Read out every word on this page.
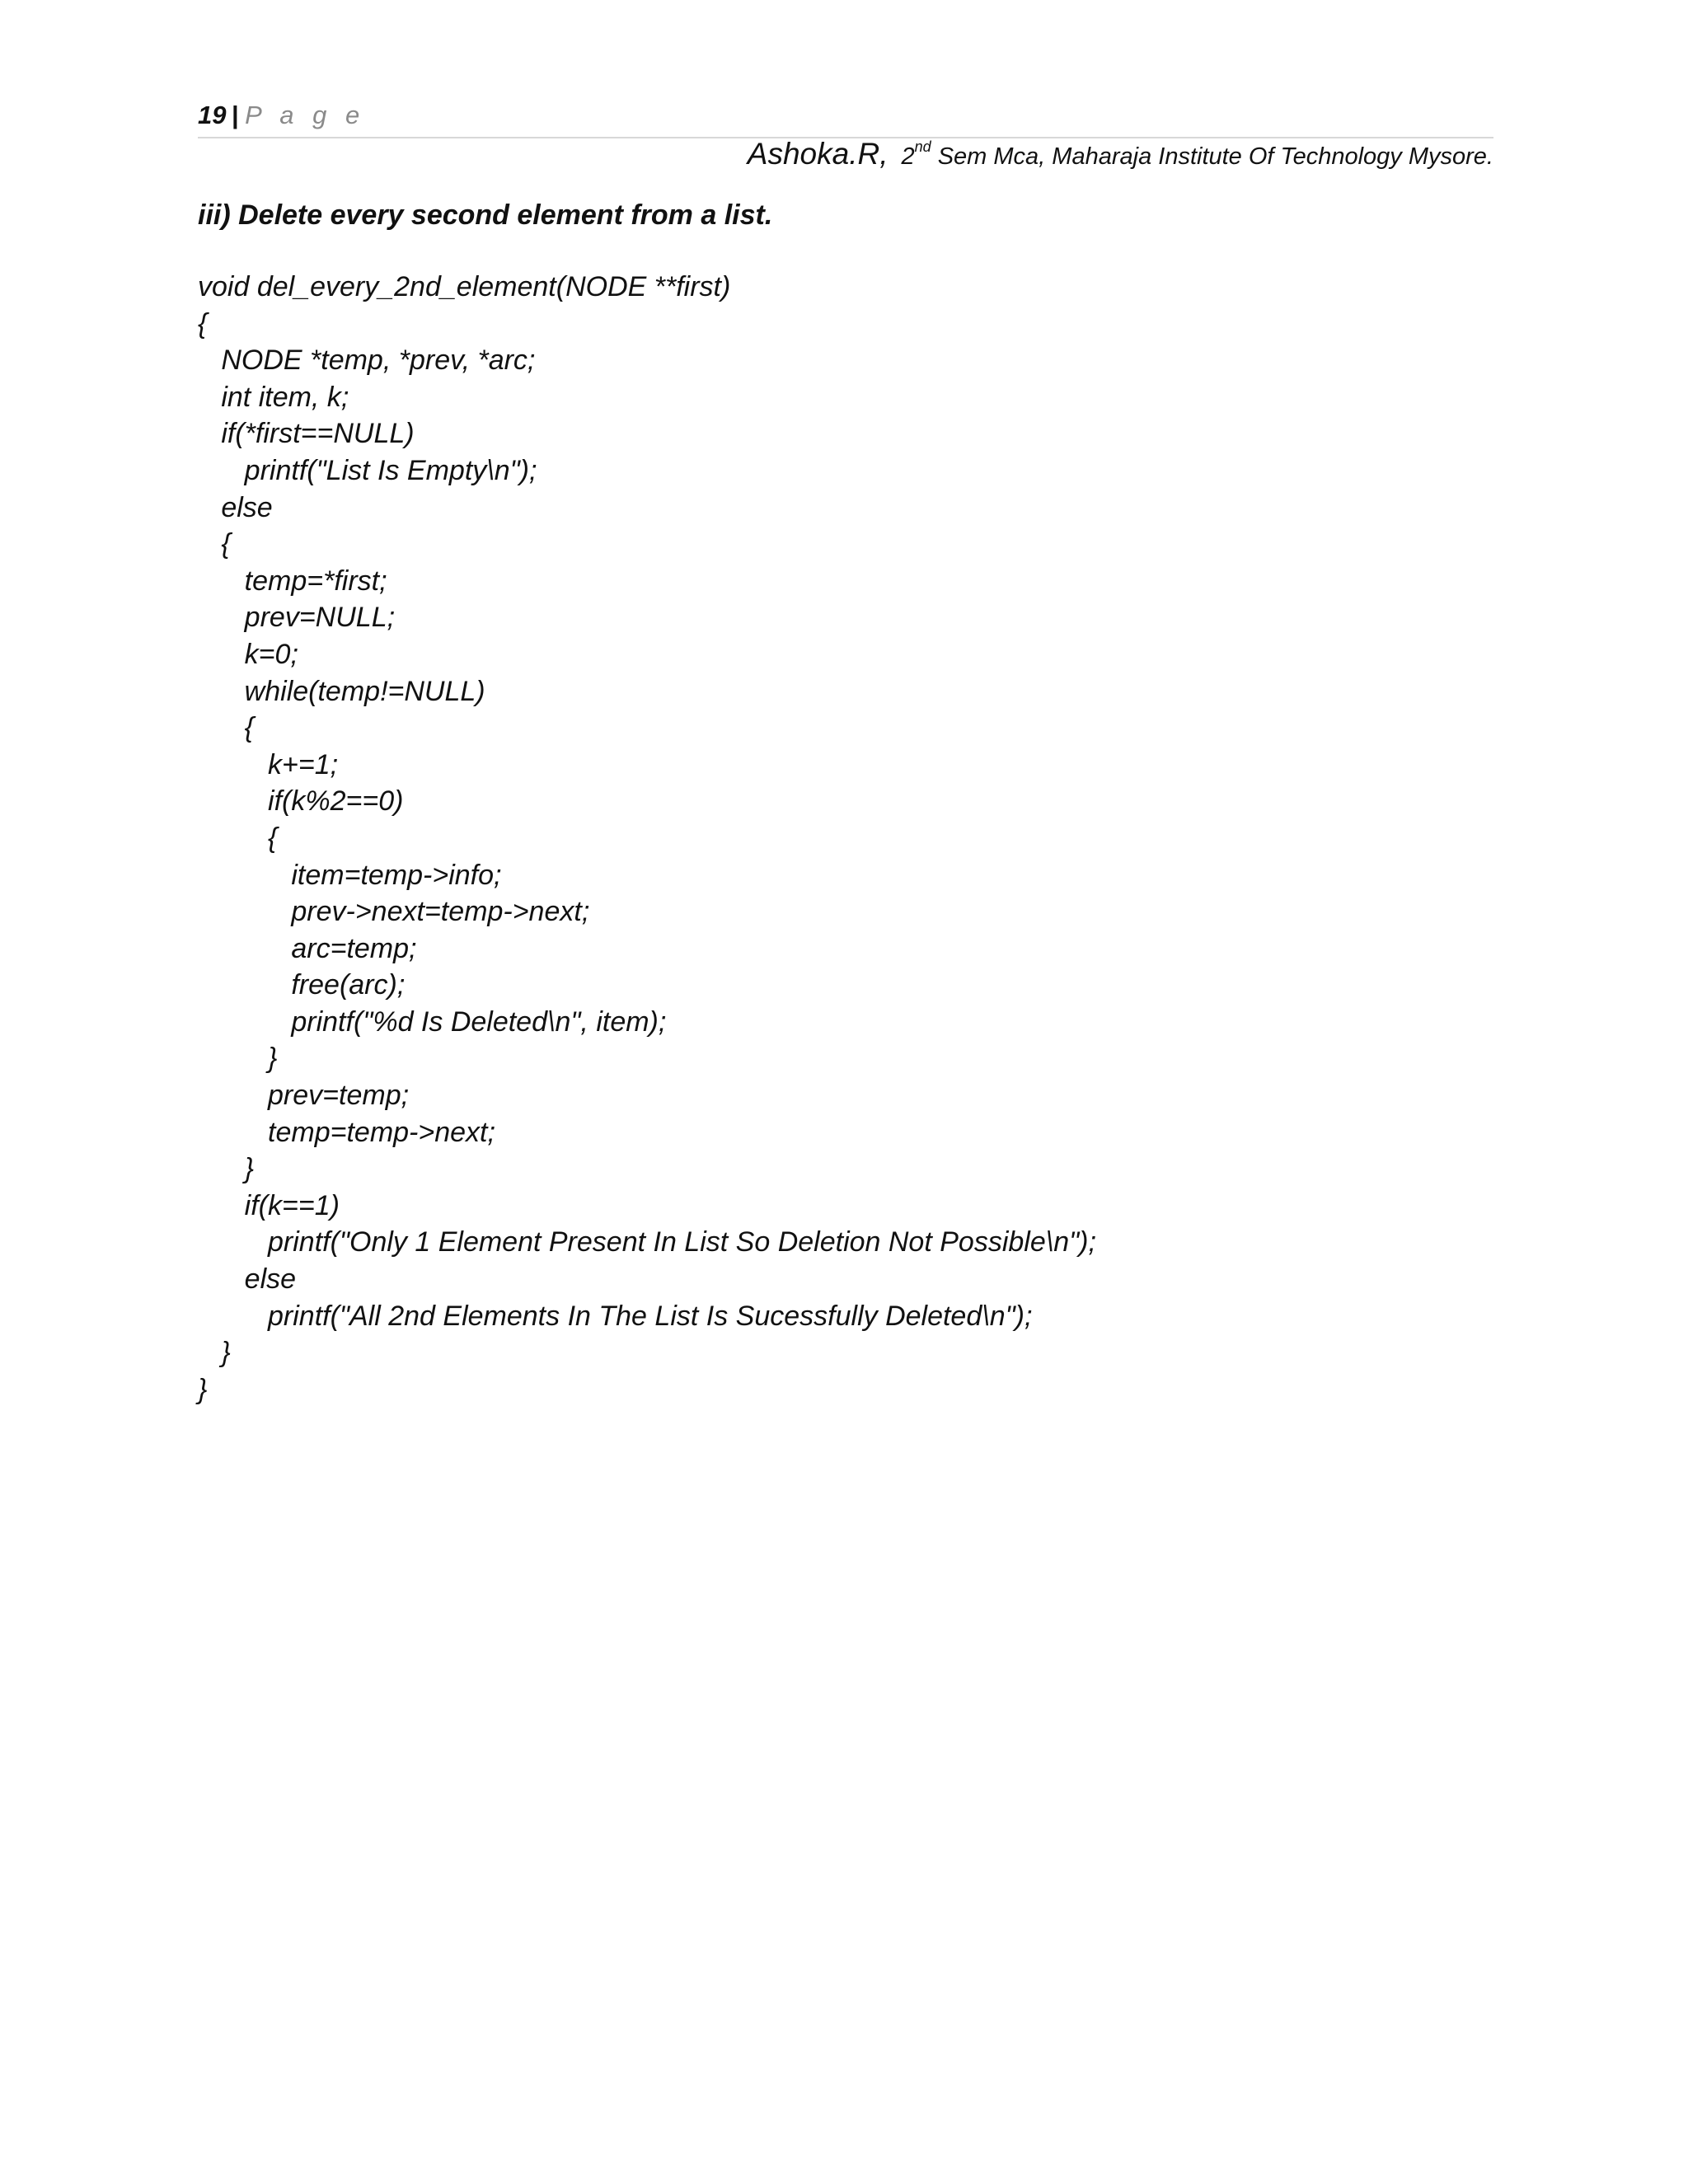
19 | P a g e
Ashoka.R, 2nd Sem Mca, Maharaja Institute Of Technology Mysore.
iii) Delete every second element from a list.
void del_every_2nd_element(NODE **first)
{
NODE *temp, *prev, *arc;
int item, k;
if(*first==NULL)
printf("List Is Empty\n");
else
{
temp=*first;
prev=NULL;
k=0;
while(temp!=NULL)
{
k+=1;
if(k%2==0)
{
item=temp->info;
prev->next=temp->next;
arc=temp;
free(arc);
printf("%d Is Deleted\n", item);
}
prev=temp;
temp=temp->next;
}
if(k==1)
printf("Only 1 Element Present In List So Deletion Not Possible\n");
else
printf("All 2nd Elements In The List Is Sucessfully Deleted\n");
}
}
